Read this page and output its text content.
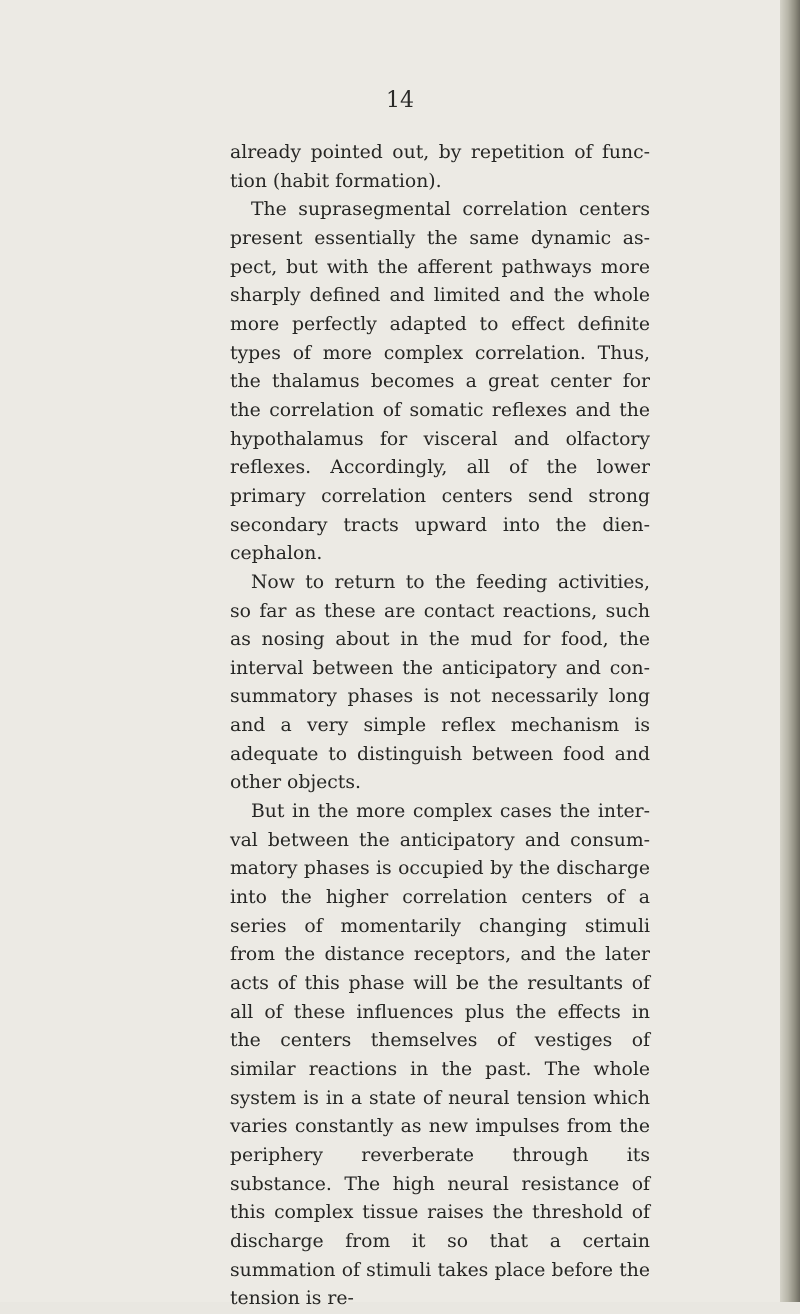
14

already pointed out, by repetition of function (habit formation).

The suprasegmental correlation centers present essentially the same dynamic aspect, but with the afferent pathways more sharply defined and limited and the whole more perfectly adapted to effect definite types of more complex correlation. Thus, the thalamus becomes a great center for the correlation of somatic reflexes and the hypothalamus for visceral and olfactory reflexes. Accordingly, all of the lower primary correlation centers send strong secondary tracts upward into the diencephalon.

Now to return to the feeding activities, so far as these are contact reactions, such as nosing about in the mud for food, the interval between the anticipatory and consummatory phases is not necessarily long and a very simple reflex mechanism is adequate to distinguish between food and other objects.

But in the more complex cases the interval between the anticipatory and consummatory phases is occupied by the discharge into the higher correlation centers of a series of momentarily changing stimuli from the distance receptors, and the later acts of this phase will be the resultants of all of these influences plus the effects in the centers themselves of vestiges of similar reactions in the past. The whole system is in a state of neural tension which varies constantly as new impulses from the periphery reverberate through its substance. The high neural resistance of this complex tissue raises the threshold of discharge from it so that a certain summation of stimuli takes place before the tension is re-
